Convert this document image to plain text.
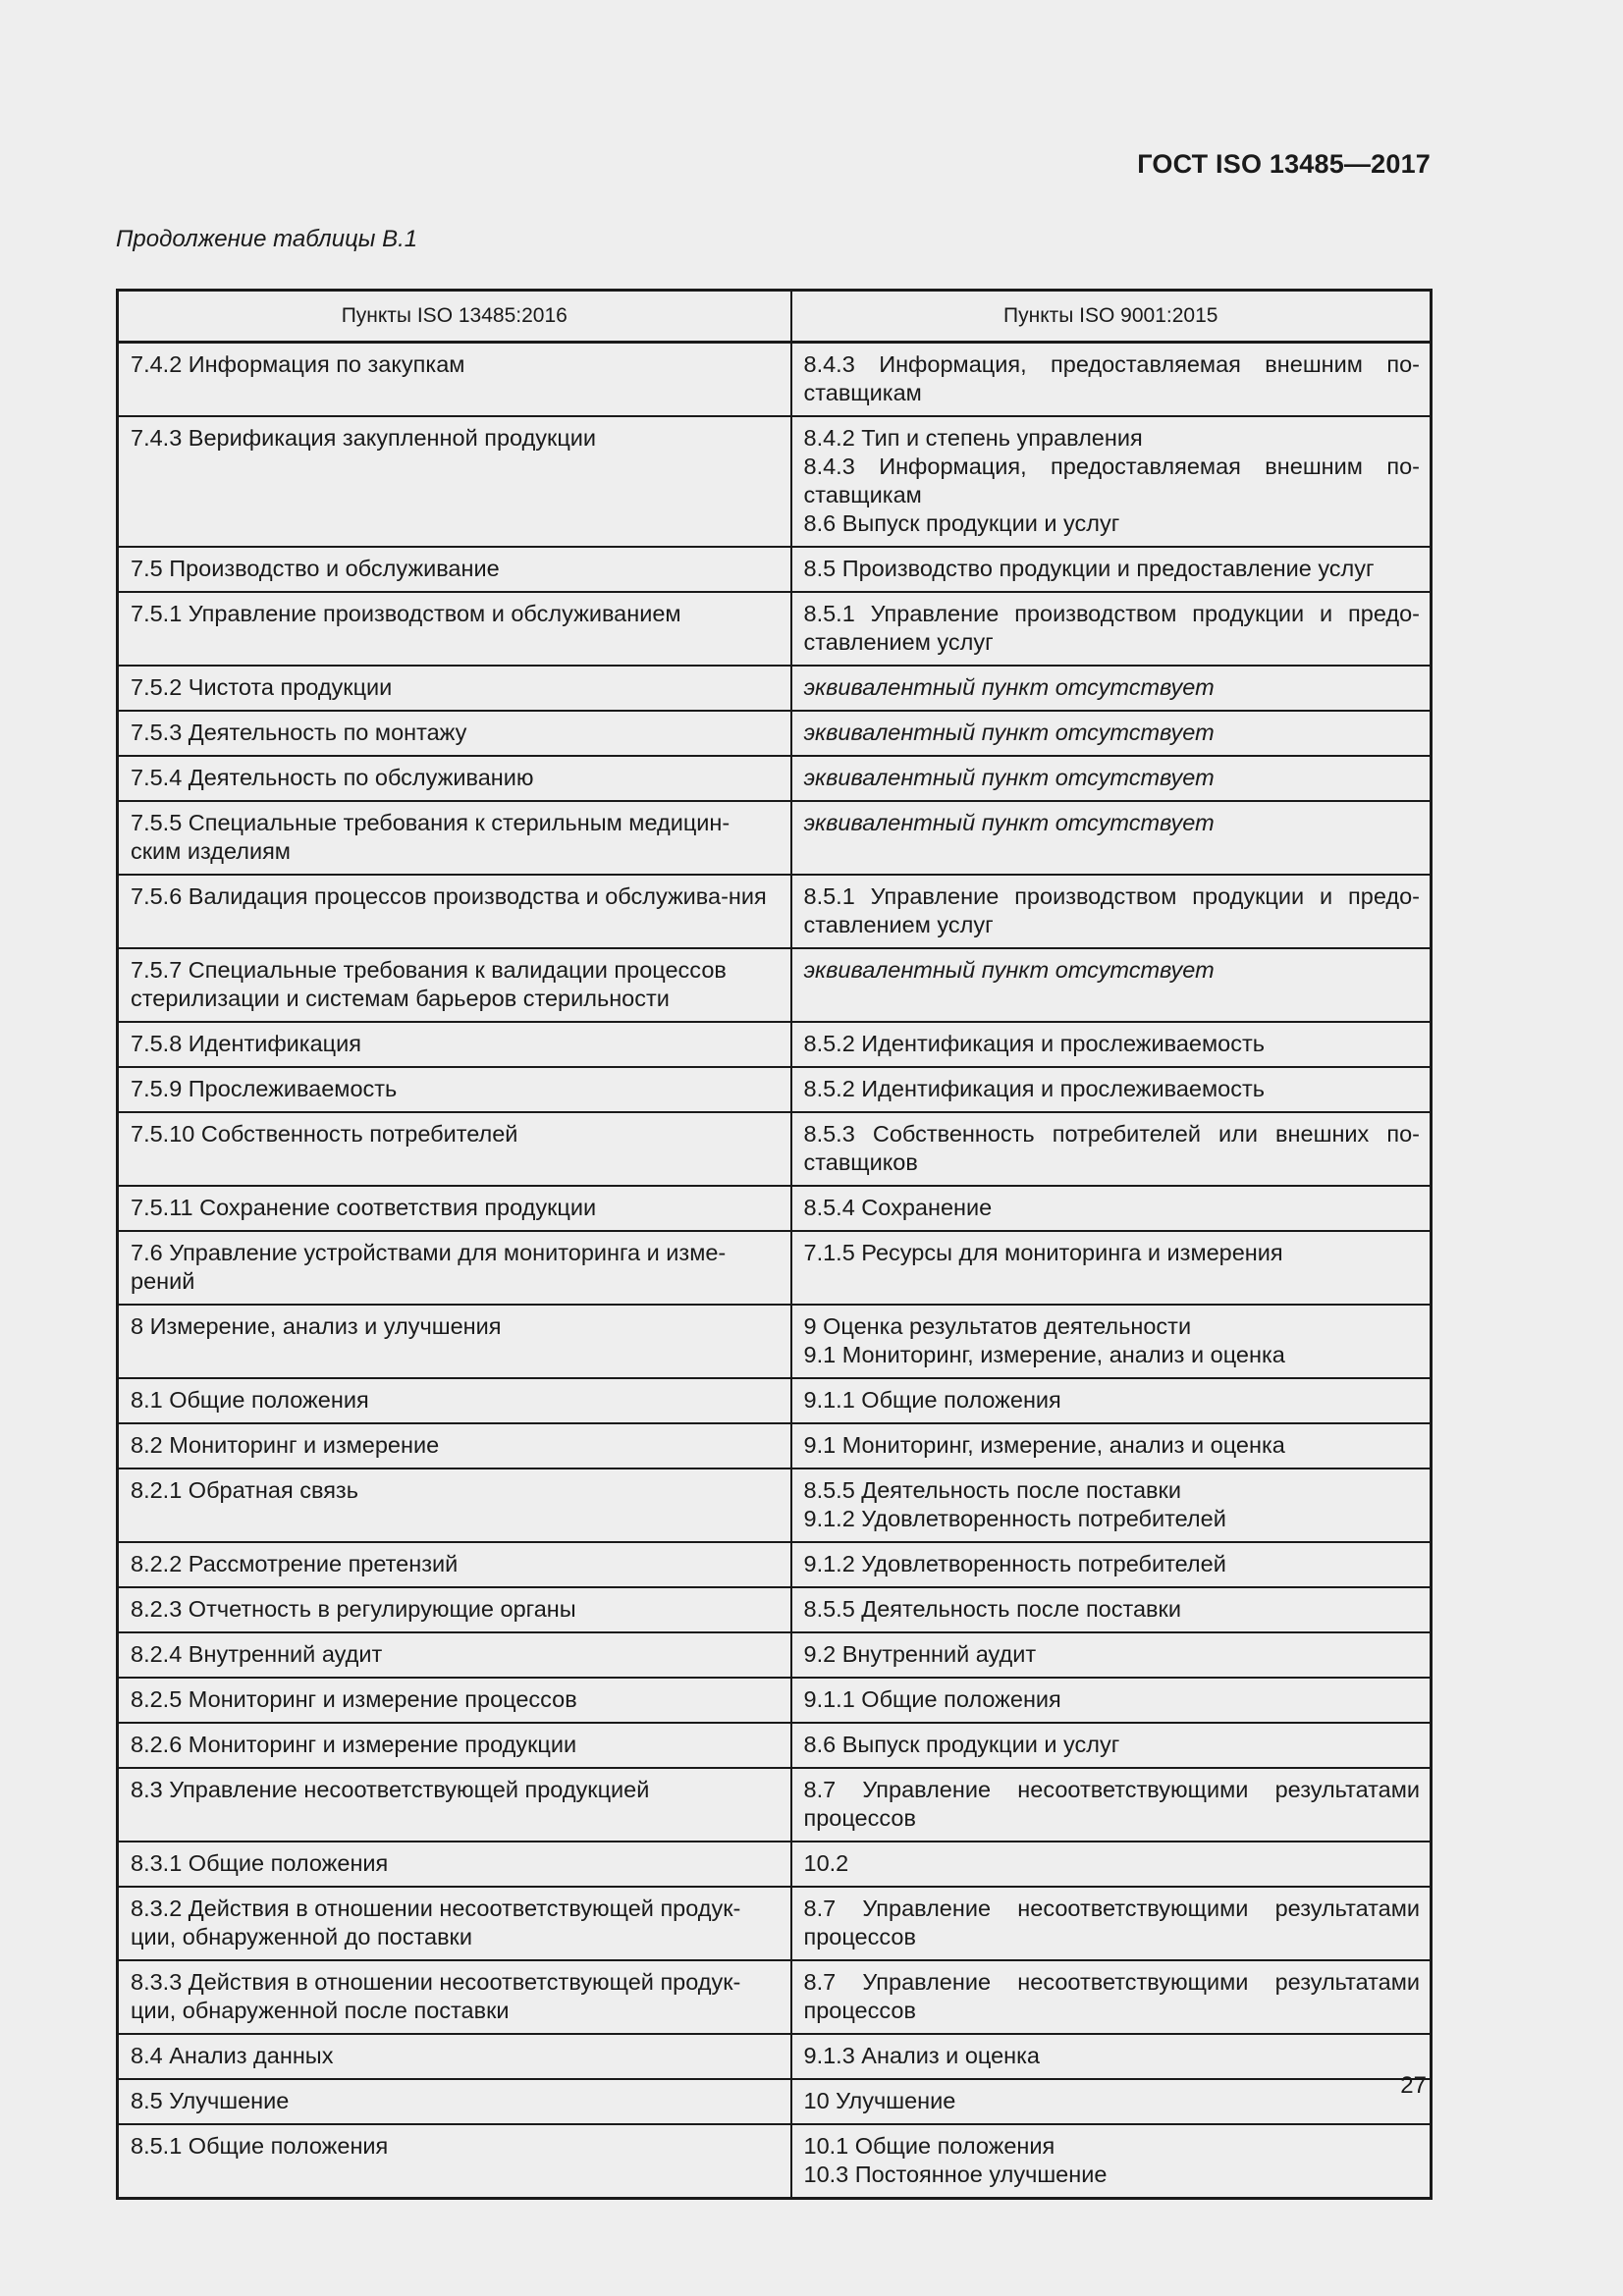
ГОСТ ISO 13485—2017
Продолжение таблицы В.1
Пункты ISO 13485:2016	Пункты ISO 9001:2015
7.4.2 Информация по закупкам	8.4.3 Информация, предоставляемая внешним по-ставщикам

7.4.3 Верификация закупленной продукции	8.4.2 Тип и степень управления
8.4.3 Информация, предоставляемая внешним по-ставщикам
8.6 Выпуск продукции и услуг

7.5 Производство и обслуживание	8.5 Производство продукции и предоставление услуг

7.5.1 Управление производством и обслуживанием	8.5.1 Управление производством продукции и предо-ставлением услуг

7.5.2 Чистота продукции	эквивалентный пункт отсутствует

7.5.3 Деятельность по монтажу	эквивалентный пункт отсутствует

7.5.4 Деятельность по обслуживанию	эквивалентный пункт отсутствует

7.5.5 Специальные требования к стерильным медицин-ским изделиям	эквивалентный пункт отсутствует

7.5.6 Валидация процессов производства и обслужива-ния	8.5.1 Управление производством продукции и предо-ставлением услуг

7.5.7 Специальные требования к валидации процессов стерилизации и системам барьеров стерильности	эквивалентный пункт отсутствует

7.5.8 Идентификация	8.5.2 Идентификация и прослеживаемость

7.5.9 Прослеживаемость	8.5.2 Идентификация и прослеживаемость

7.5.10 Собственность потребителей	8.5.3 Собственность потребителей или внешних по-ставщиков

7.5.11 Сохранение соответствия продукции	8.5.4 Сохранение

7.6 Управление устройствами для мониторинга и изме-рений	7.1.5 Ресурсы для мониторинга и измерения

8 Измерение, анализ и улучшения	9 Оценка результатов деятельности
9.1 Мониторинг, измерение, анализ и оценка

8.1 Общие положения	9.1.1 Общие положения

8.2 Мониторинг и измерение	9.1 Мониторинг, измерение, анализ и оценка

8.2.1 Обратная связь	8.5.5 Деятельность после поставки
9.1.2 Удовлетворенность потребителей

8.2.2 Рассмотрение претензий	9.1.2 Удовлетворенность потребителей

8.2.3 Отчетность в регулирующие органы	8.5.5 Деятельность после поставки

8.2.4 Внутренний аудит	9.2 Внутренний аудит

8.2.5 Мониторинг и измерение процессов	9.1.1 Общие положения

8.2.6 Мониторинг и измерение продукции	8.6 Выпуск продукции и услуг

8.3 Управление несоответствующей продукцией	8.7 Управление несоответствующими результатами процессов

8.3.1 Общие положения	10.2

8.3.2 Действия в отношении несоответствующей продук-ции, обнаруженной до поставки	8.7 Управление несоответствующими результатами процессов

8.3.3 Действия в отношении несоответствующей продук-ции, обнаруженной после поставки	8.7 Управление несоответствующими результатами процессов

8.4 Анализ данных	9.1.3 Анализ и оценка

8.5 Улучшение	10 Улучшение

8.5.1 Общие положения	10.1 Общие положения
10.3 Постоянное улучшение
27
